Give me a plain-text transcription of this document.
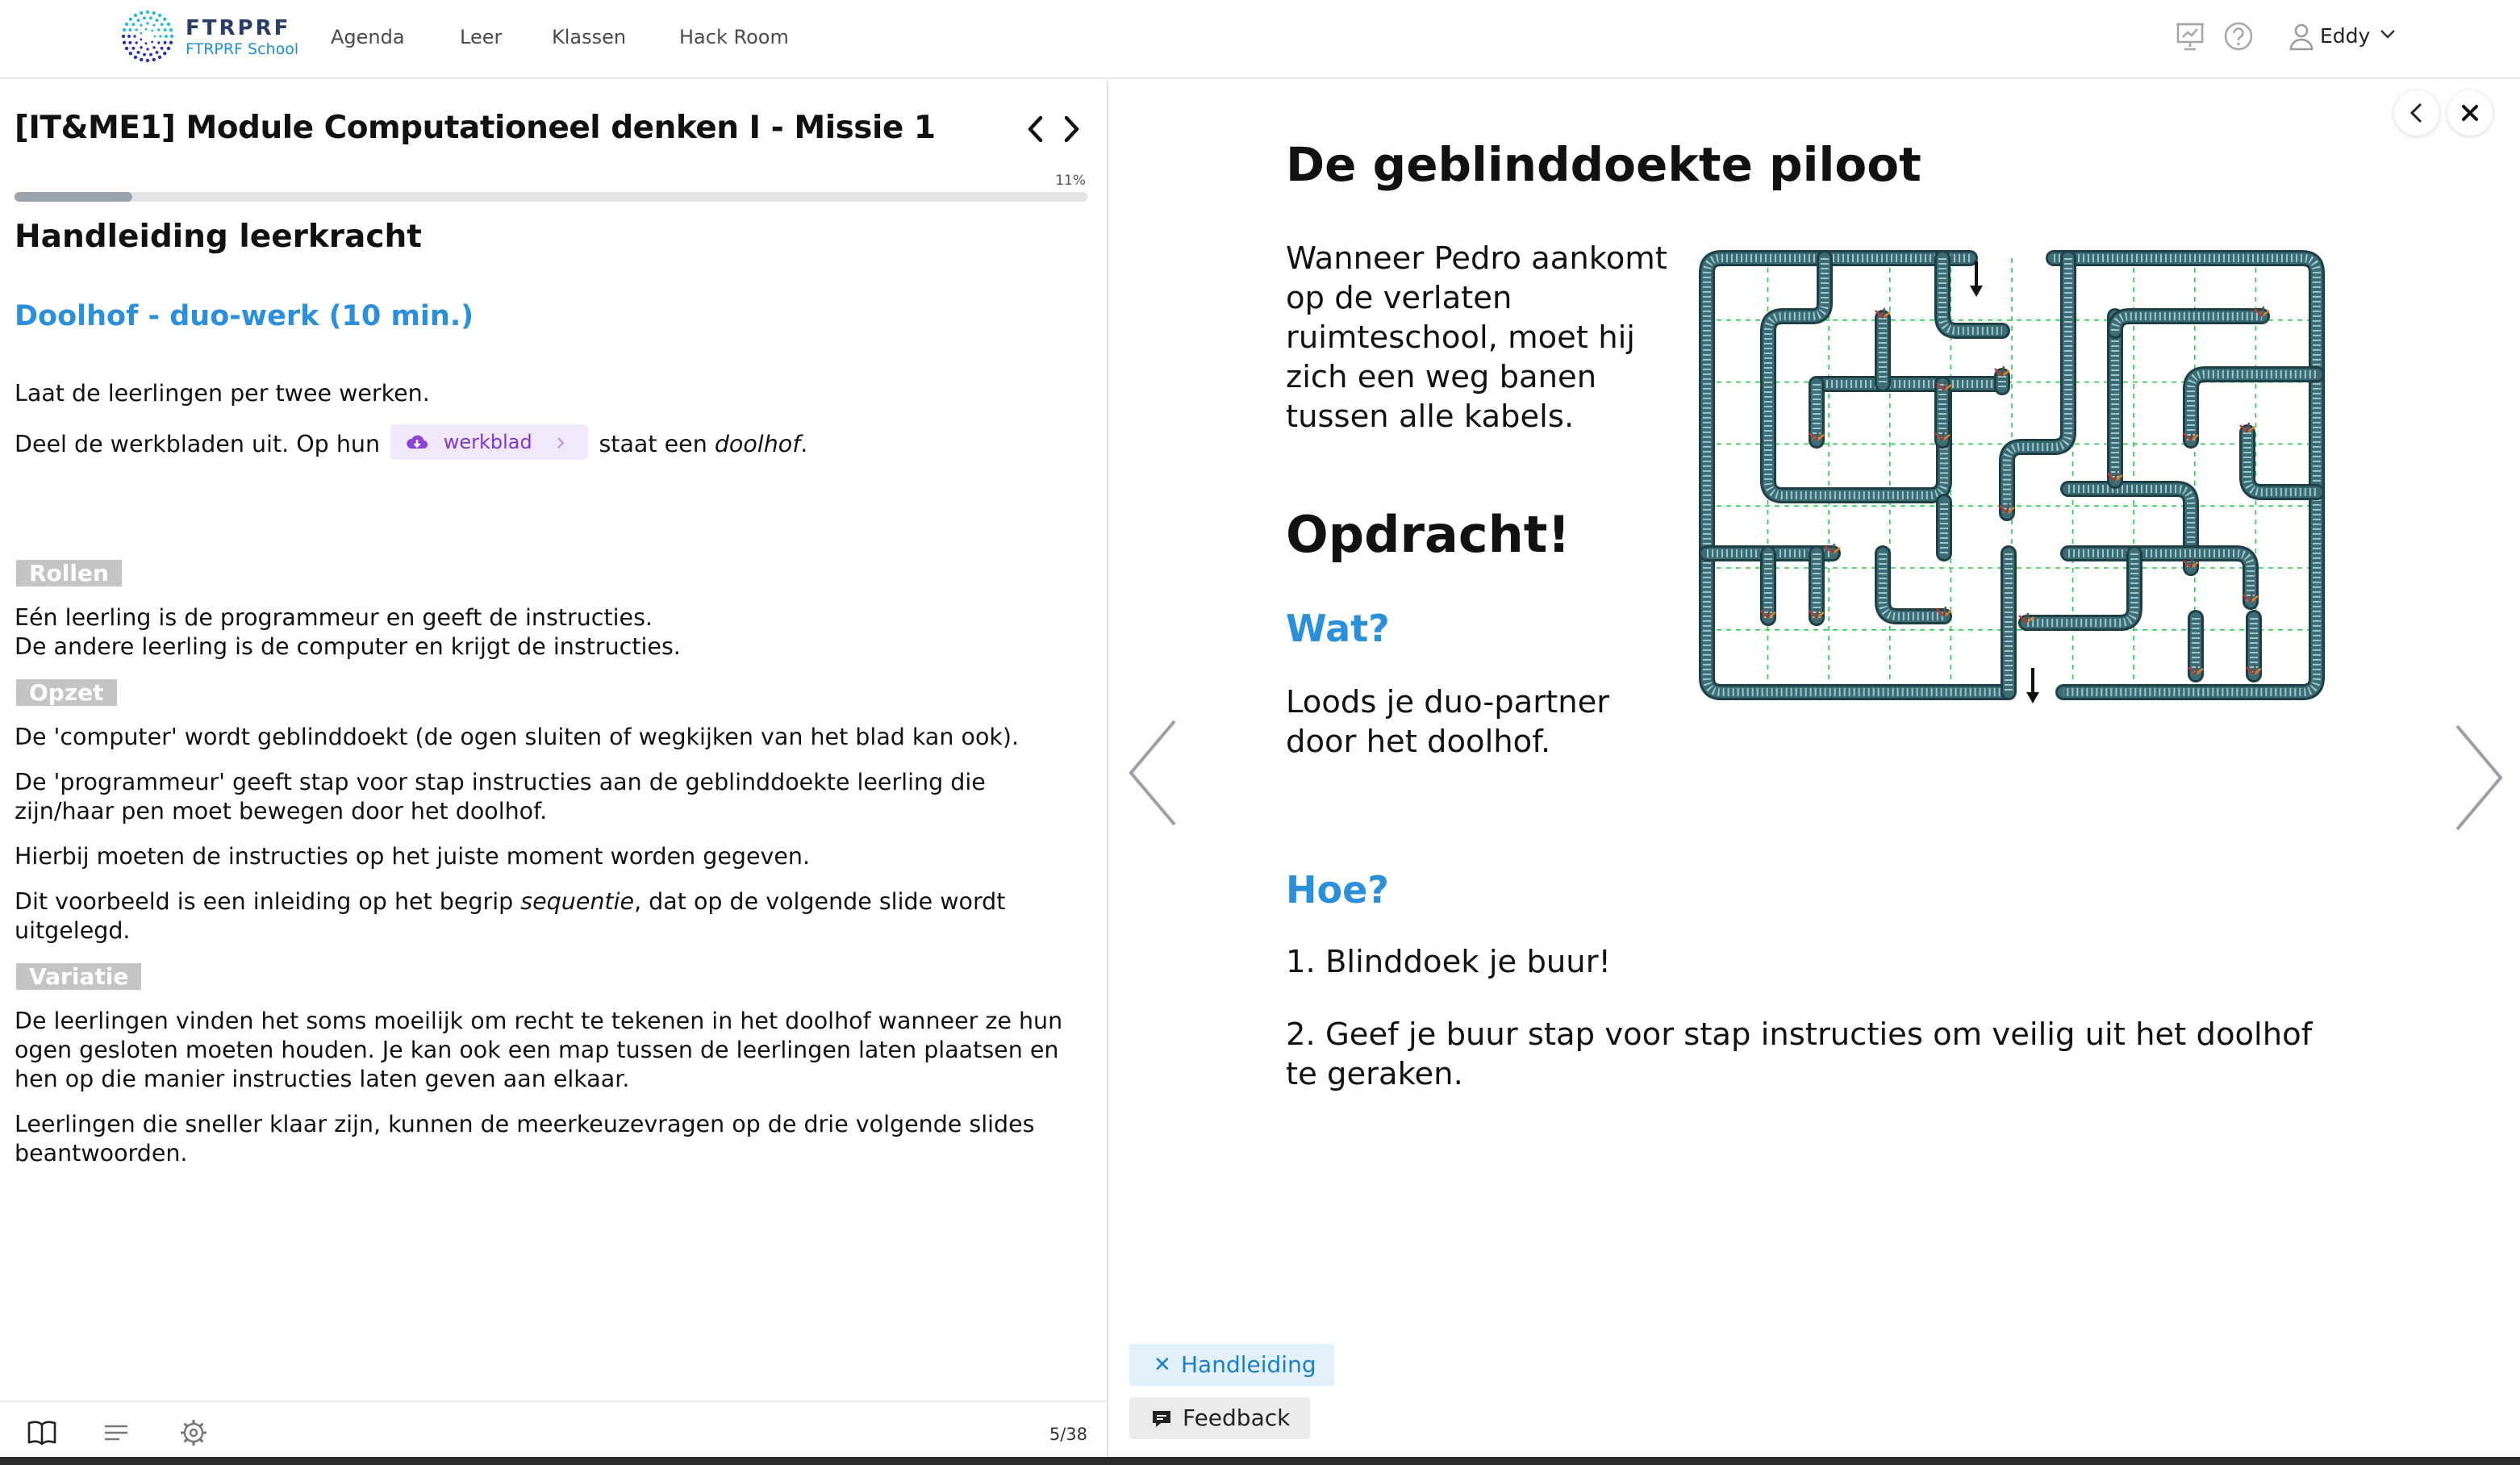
FTRPRF
FTRPRF School
Agenda	Leer	Klassen	Hack Room	Eddy
[IT&ME1] Module Computationeel denken I - Missie 1
11%
Handleiding leerkracht
Doolhof - duo-werk (10 min.)
Laat de leerlingen per twee werken.
Deel de werkbladen uit. Op hun	werkblad	staat een doolhof.
Rollen
Eén leerling is de programmeur en geeft de instructies.
De andere leerling is de computer en krijgt de instructies.
Opzet
De 'computer' wordt geblinddoekt (de ogen sluiten of wegkijken van het blad kan ook).
De 'programmeur' geeft stap voor stap instructies aan de geblinddoekte leerling die zijn/haar pen moet bewegen door het doolhof.
Hierbij moeten de instructies op het juiste moment worden gegeven.
Dit voorbeeld is een inleiding op het begrip sequentie, dat op de volgende slide wordt uitgelegd.
Variatie
De leerlingen vinden het soms moeilijk om recht te tekenen in het doolhof wanneer ze hun ogen gesloten moeten houden. Je kan ook een map tussen de leerlingen laten plaatsen en hen op die manier instructies laten geven aan elkaar.
Leerlingen die sneller klaar zijn, kunnen de meerkeuzevragen op de drie volgende slides beantwoorden.
5/38
De geblinddoekte piloot
Wanneer Pedro aankomt op de verlaten ruimteschool, moet hij zich een weg banen tussen alle kabels.
Opdracht!
Wat?
Loods je duo-partner door het doolhof.
Hoe?
1. Blinddoek je buur!
2. Geef je buur stap voor stap instructies om veilig uit het doolhof te geraken.
✕ Handleiding
Feedback
